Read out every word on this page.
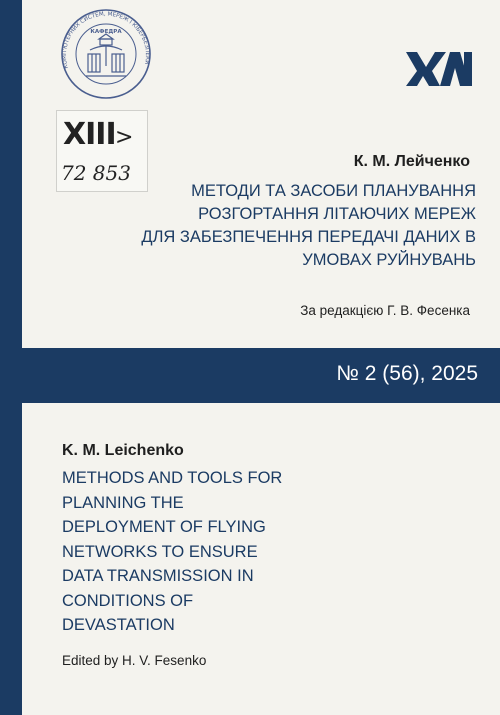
КОМП'ЮТЕРНИХ СИСТЕМ, МЕРЕЖ І КІБЕРБЕЗПЕКИ
КАФЕДРА
XIII >
72 853	К. М. Лейченко
МЕТОДИ ТА ЗАСОБИ ПЛАНУВАННЯ
РОЗГОРТАННЯ ЛІТАЮЧИХ МЕРЕЖ
ДЛЯ ЗАБЕЗПЕЧЕННЯ ПЕРЕДАЧІ ДАНИХ В
УМОВАХ РУЙНУВАНЬ
За редакцією Г. В. Фесенка
№ 2 (56), 2025
K. M. Leichenko
METHODS AND TOOLS FOR
PLANNING THE
DEPLOYMENT OF FLYING
NETWORKS TO ENSURE
DATA TRANSMISSION IN
CONDITIONS OF
DEVASTATION
Edited by H. V. Fesenko
